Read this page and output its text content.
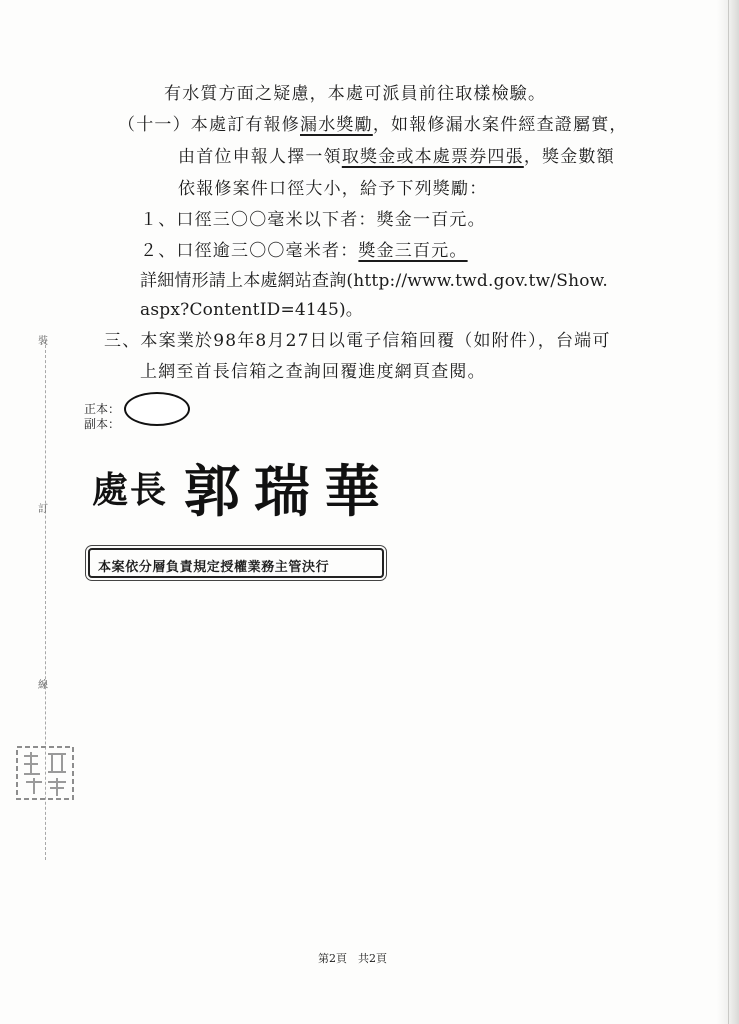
裝
訂
線
有水質方面之疑慮，本處可派員前往取樣檢驗。
（十一）本處訂有報修漏水獎勵，如報修漏水案件經查證屬實，
由首位申報人擇一領取獎金或本處票券四張，獎金數額
依報修案件口徑大小，給予下列獎勵：
１、口徑三〇〇毫米以下者：獎金一百元。
２、口徑逾三〇〇毫米者：獎金三百元。
詳細情形請上本處網站查詢(http://www.twd.gov.tw/Show.
aspx?ContentID=4145)。
三、本案業於98年8月27日以電子信箱回覆（如附件），台端可
上網至首長信箱之查詢回覆進度網頁查閱。
正本：
副本：
處長 郭瑞華
本案依分層負責規定授權業務主管決行
第2頁　共2頁
